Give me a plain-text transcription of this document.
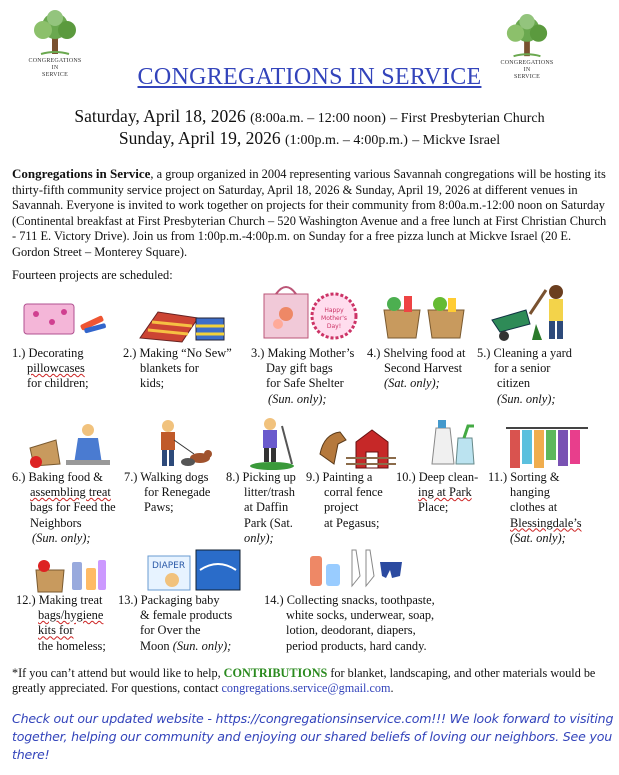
CONGREGATIONS
IN
SERVICE
CONGREGATIONS
IN
SERVICE
CONGREGATIONS IN SERVICE
Saturday, April 18, 2026 (8:00a.m. – 12:00 noon) – First Presbyterian Church
Sunday, April 19, 2026 (1:00p.m. – 4:00p.m.) – Mickve Israel
Congregations in Service, a group organized in 2004 representing various Savannah congregations will be hosting its thirty-fifth community service project on Saturday, April 18, 2026 & Sunday, April 19, 2026 at different venues in Savannah. Everyone is invited to work together on projects for their community from 8:00a.m.-12:00 noon on Saturday (Continental breakfast at First Presbyterian Church – 520 Washington Avenue and a free lunch at First Christian Church - 711 E. Victory Drive). Join us from 1:00p.m.-4:00p.m. on Sunday for a free pizza lunch at Mickve Israel (20 E. Gordon Street – Monterey Square).
Fourteen projects are scheduled:
Happy
Mother's
Day!
DIAPER
1.) Decorating
pillowcases
for children;
2.) Making “No Sew”
blankets for
kids;
3.) Making Mother’s
Day gift bags
for Safe Shelter
(Sun. only);
4.) Shelving food at
Second Harvest
(Sat. only);
5.) Cleaning a yard
for a senior
citizen
(Sun. only);
6.) Baking food &
assembling treat
bags for Feed the
Neighbors
(Sun. only);
7.) Walking dogs
for Renegade
Paws;
8.) Picking up
litter/trash
at Daffin
Park (Sat.
only);
9.) Painting a
corral fence
project
at Pegasus;
10.) Deep clean-
ing at Park
Place;
11.) Sorting &
hanging
clothes at
Blessingdale’s
(Sat. only);
12.) Making treat
bags/hygiene
kits for
the homeless;
13.) Packaging baby
& female products
for Over the
Moon (Sun. only);
14.) Collecting snacks, toothpaste,
white socks, underwear, soap,
lotion, deodorant, diapers,
period products, hard candy.
*If you can’t attend but would like to help, CONTRIBUTIONS for blanket, landscaping, and other materials would be greatly appreciated. For questions, contact congregations.service@gmail.com.
Check out our updated website - https://congregationsinservice.com!!! We look forward to visiting together, helping our community and enjoying our shared beliefs of loving our neighbors. See you there!
